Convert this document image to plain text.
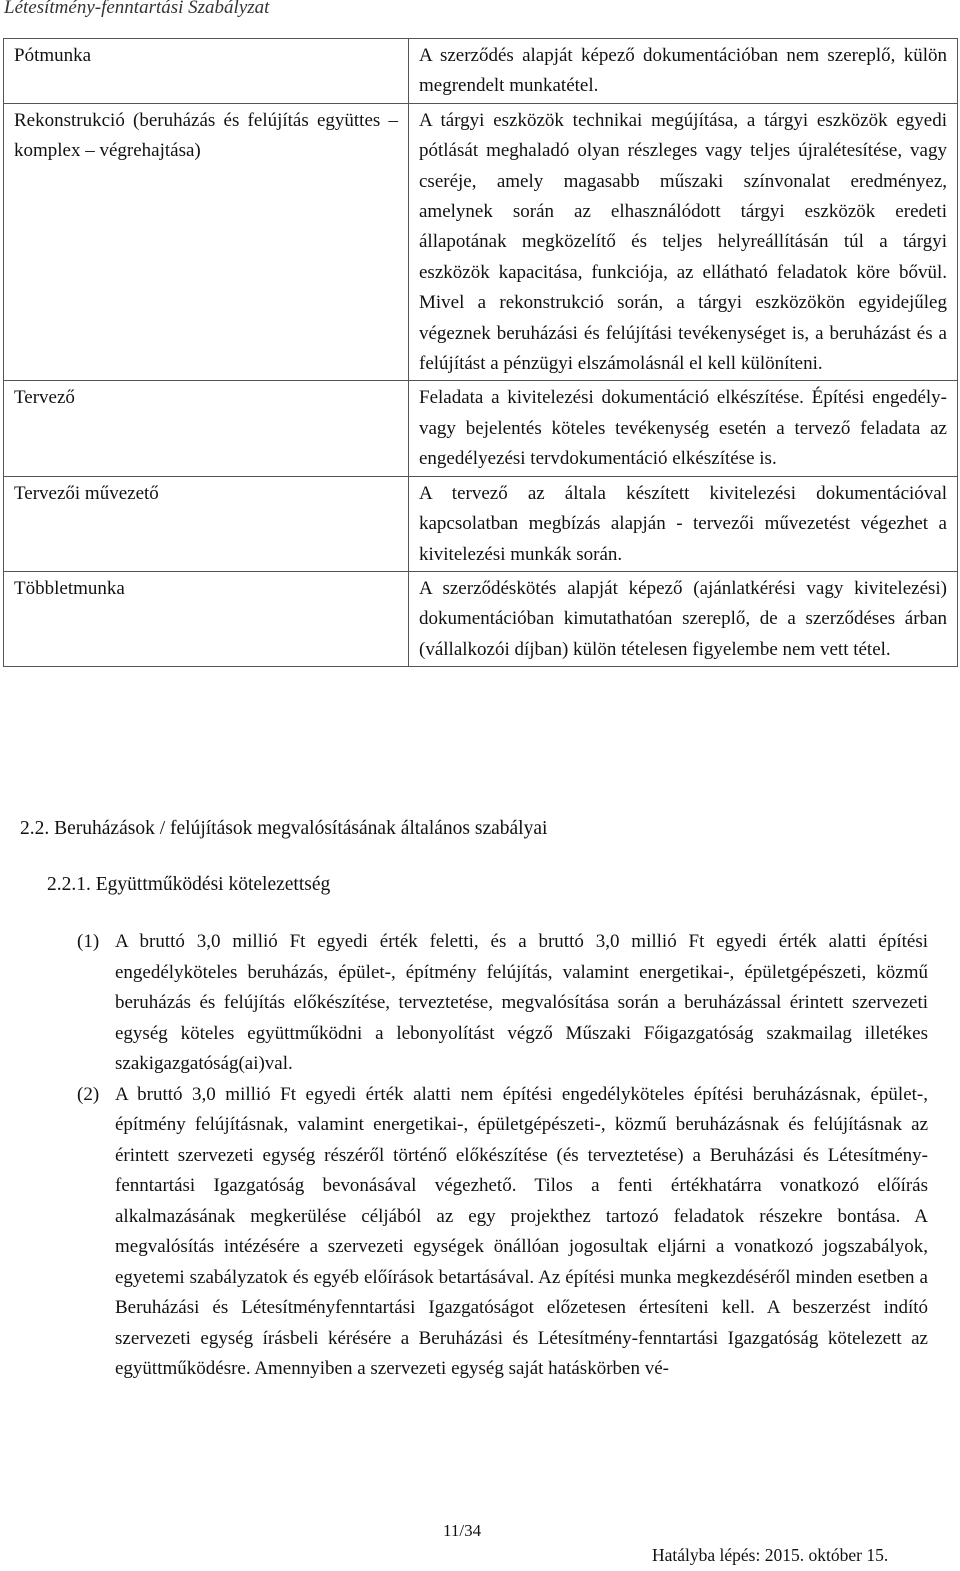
Létesítmény-fenntartási Szabályzat
Pótmunka	A szerződés alapját képező dokumentációban nem szereplő, külön megrendelt munkatétel.

Rekonstrukció (beruházás és felújítás együttes – komplex – végrehajtása)	A tárgyi eszközök technikai megújítása, a tárgyi eszközök egyedi pótlását meghaladó olyan részleges vagy teljes újralétesítése, vagy cseréje, amely magasabb műszaki színvonalat eredményez, amelynek során az elhasználódott tárgyi eszközök eredeti állapotának megközelítő és teljes helyreállításán túl a tárgyi eszközök kapacitása, funkciója, az ellátható feladatok köre bővül. Mivel a rekonstrukció során, a tárgyi eszközökön egyidejűleg végeznek beruházási és felújítási tevékenységet is, a beruházást és a felújítást a pénzügyi elszámolásnál el kell különíteni.
Tervező	Feladata a kivitelezési dokumentáció elkészítése. Építési engedély- vagy bejelentés köteles tevékenység esetén a tervező feladata az engedélyezési tervdokumentáció elkészítése is.
Tervezői művezető	A tervező az általa készített kivitelezési dokumentációval kapcsolatban megbízás alapján - tervezői művezetést végezhet a kivitelezési munkák során.
Többletmunka	A szerződéskötés alapját képező (ajánlatkérési vagy kivitelezési) dokumentációban kimutathatóan szereplő, de a szerződéses árban (vállalkozói díjban) külön tételesen figyelembe nem vett tétel.
2.2. Beruházások / felújítások megvalósításának általános szabályai
2.2.1. Együttműködési kötelezettség
(1) A bruttó 3,0 millió Ft egyedi érték feletti, és a bruttó 3,0 millió Ft egyedi érték alatti építési engedélyköteles beruházás, épület-, építmény felújítás, valamint energetikai-, épületgépészeti, közmű beruházás és felújítás előkészítése, terveztetése, megvalósítása során a beruházással érintett szervezeti egység köteles együttműködni a lebonyolítást végző Műszaki Főigazgatóság szakmailag illetékes szakigazgatóság(ai)val.
(2) A bruttó 3,0 millió Ft egyedi érték alatti nem építési engedélyköteles építési beruházásnak, épület-, építmény felújításnak, valamint energetikai-, épületgépészeti-, közmű beruházásnak és felújításnak az érintett szervezeti egység részéről történő előkészítése (és terveztetése) a Beruházási és Létesítmény-fenntartási Igazgatóság bevonásával végezhető. Tilos a fenti értékhatárra vonatkozó előírás alkalmazásának megkerülése céljából az egy projekthez tartozó feladatok részekre bontása. A megvalósítás intézésére a szervezeti egységek önállóan jogosultak eljárni a vonatkozó jogszabályok, egyetemi szabályzatok és egyéb előírások betartásával. Az építési munka megkezdéséről minden esetben a Beruházási és Létesítményfenntartási Igazgatóságot előzetesen értesíteni kell. A beszerzést indító szervezeti egység írásbeli kérésére a Beruházási és Létesítmény-fenntartási Igazgatóság kötelezett az együttműködésre. Amennyiben a szervezeti egység saját hatáskörben vé-
11/34
Hatályba lépés: 2015. október 15.
